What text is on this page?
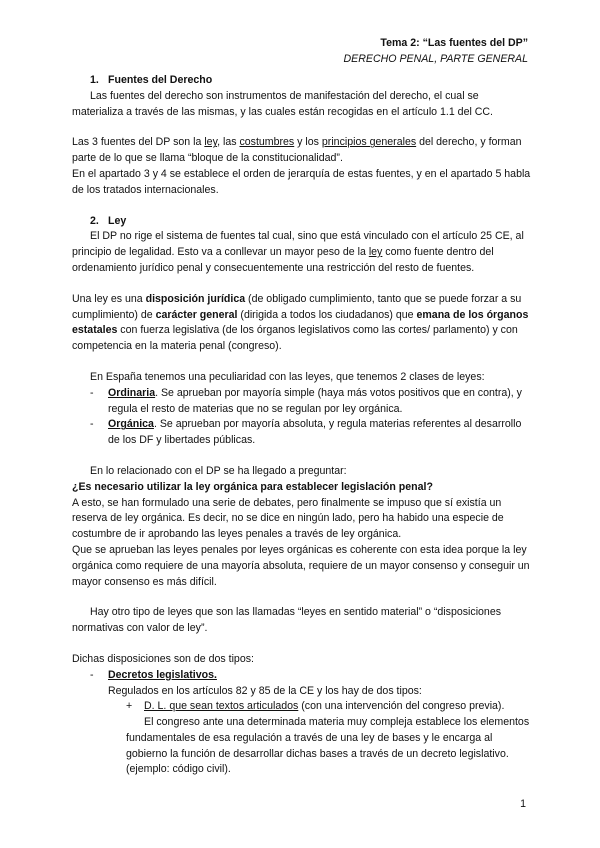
Tema 2: “Las fuentes del DP”
DERECHO PENAL, PARTE GENERAL

1. Fuentes del Derecho

Las fuentes del derecho son instrumentos de manifestación del derecho, el cual se materializa a través de las mismas, y las cuales están recogidas en el artículo 1.1 del CC.

Las 3 fuentes del DP son la ley, las costumbres y los principios generales del derecho, y forman parte de lo que se llama “bloque de la constitucionalidad”.

En el apartado 3 y 4 se establece el orden de jerarquía de estas fuentes, y en el apartado 5 habla de los tratados internacionales.

2. Ley

El DP no rige el sistema de fuentes tal cual, sino que está vinculado con el artículo 25 CE, al principio de legalidad. Esto va a conllevar un mayor peso de la ley como fuente dentro del ordenamiento jurídico penal y consecuentemente una restricción del resto de fuentes.

Una ley es una disposición jurídica (de obligado cumplimiento, tanto que se puede forzar a su cumplimiento) de carácter general (dirigida a todos los ciudadanos) que emana de los órganos estatales con fuerza legislativa (de los órganos legislativos como las cortes/ parlamento) y con competencia en la materia penal (congreso).

En España tenemos una peculiaridad con las leyes, que tenemos 2 clases de leyes:

-	Ordinaria. Se aprueban por mayoría simple (haya más votos positivos que en contra), y regula el resto de materias que no se regulan por ley orgánica.
-	Orgánica. Se aprueban por mayoría absoluta, y regula materias referentes al desarrollo de los DF y libertades públicas.

En lo relacionado con el DP se ha llegado a preguntar:

¿Es necesario utilizar la ley orgánica para establecer legislación penal?

A esto, se han formulado una serie de debates, pero finalmente se impuso que sí existía un reserva de ley orgánica. Es decir, no se dice en ningún lado, pero ha habido una especie de costumbre de ir aprobando las leyes penales a través de ley orgánica.

Que se aprueban las leyes penales por leyes orgánicas es coherente con esta idea porque la ley orgánica como requiere de una mayoría absoluta, requiere de un mayor consenso y conseguir un mayor consenso es más difícil.

Hay otro tipo de leyes que son las llamadas “leyes en sentido material” o “disposiciones normativas con valor de ley”.

Dichas disposiciones son de dos tipos:

-	Decretos legislativos.

Regulados en los artículos 82 y 85 de la CE y los hay de dos tipos:

+	D. L. que sean textos articulados (con una intervención del congreso previa).

El congreso ante una determinada materia muy compleja establece los elementos fundamentales de esa regulación a través de una ley de bases y le encarga al gobierno la función de desarrollar dichas bases a través de un decreto legislativo. (ejemplo: código civil).

1
